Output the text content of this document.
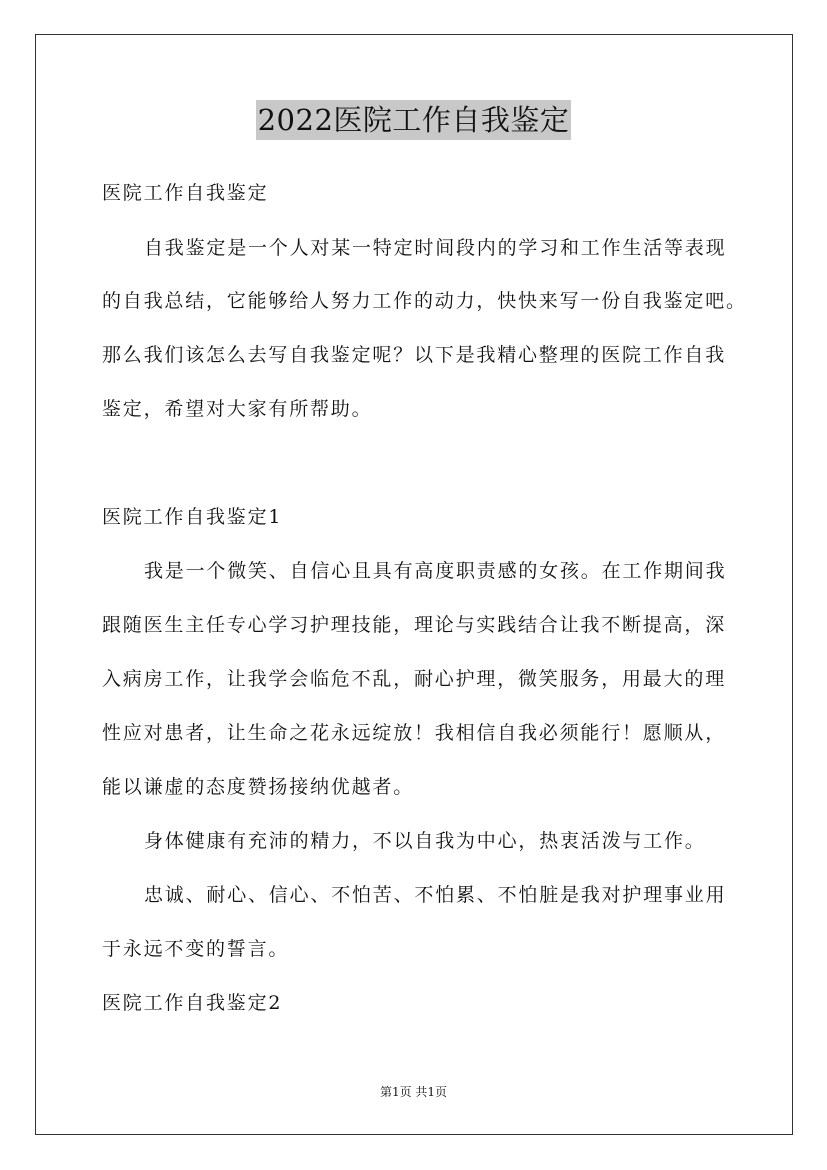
2022医院工作自我鉴定
医院工作自我鉴定
自我鉴定是一个人对某一特定时间段内的学习和工作生活等表现
的自我总结，它能够给人努力工作的动力，快快来写一份自我鉴定吧。
那么我们该怎么去写自我鉴定呢？以下是我精心整理的医院工作自我
鉴定，希望对大家有所帮助。
医院工作自我鉴定1
我是一个微笑、自信心且具有高度职责感的女孩。在工作期间我
跟随医生主任专心学习护理技能，理论与实践结合让我不断提高，深
入病房工作，让我学会临危不乱，耐心护理，微笑服务，用最大的理
性应对患者，让生命之花永远绽放！我相信自我必须能行！愿顺从，
能以谦虚的态度赞扬接纳优越者。
身体健康有充沛的精力，不以自我为中心，热衷活泼与工作。
忠诚、耐心、信心、不怕苦、不怕累、不怕脏是我对护理事业用
于永远不变的誓言。
医院工作自我鉴定2
第1页 共1页
